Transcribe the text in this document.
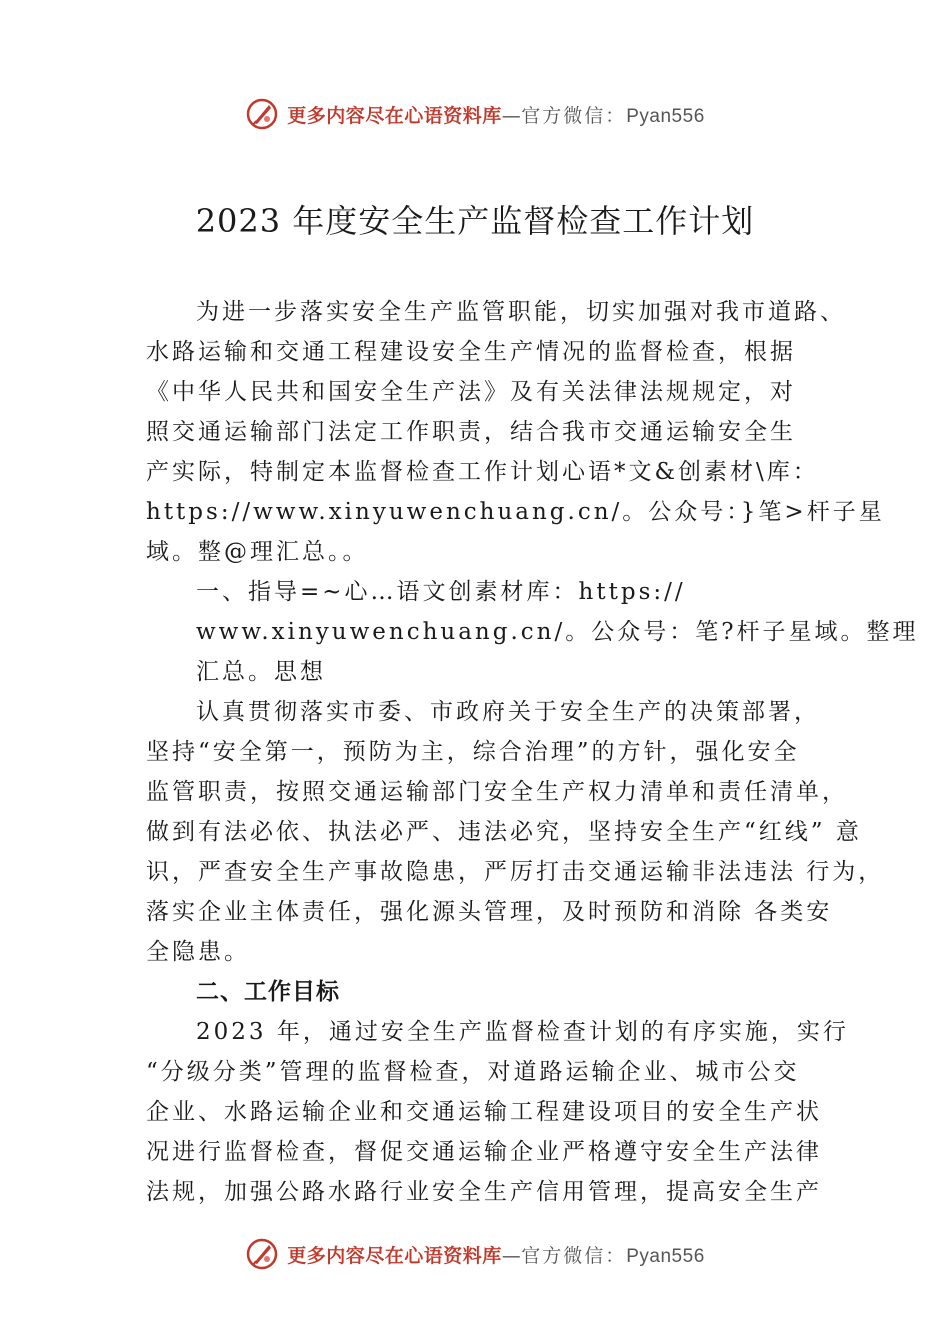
更多内容尽在心语资料库—官方微信：Pyan556
2023 年度安全生产监督检查工作计划
为进一步落实安全生产监管职能，切实加强对我市道路、
水路运输和交通工程建设安全生产情况的监督检查，根据
《中华人民共和国安全生产法》及有关法律法规规定，对
照交通运输部门法定工作职责，结合我市交通运输安全生
产实际，特制定本监督检查工作计划心语*文&创素材\库：
https://www.xinyuwenchuang.cn/。公众号：}笔>杆子星
域。整@理汇总。。
一、指导=~心…语文创素材库：https://
www.xinyuwenchuang.cn/。公众号：笔?杆子星域。整理
汇总。思想
认真贯彻落实市委、市政府关于安全生产的决策部署，
坚持“安全第一，预防为主，综合治理”的方针，强化安全
监管职责，按照交通运输部门安全生产权力清单和责任清单，
做到有法必依、执法必严、违法必究，坚持安全生产“红线” 意
识，严查安全生产事故隐患，严厉打击交通运输非法违法 行为，
落实企业主体责任，强化源头管理，及时预防和消除 各类安
全隐患。
二、工作目标
2023 年，通过安全生产监督检查计划的有序实施，实行
“分级分类”管理的监督检查，对道路运输企业、城市公交
企业、水路运输企业和交通运输工程建设项目的安全生产状
况进行监督检查，督促交通运输企业严格遵守安全生产法律
法规，加强公路水路行业安全生产信用管理，提高安全生产
更多内容尽在心语资料库—官方微信：Pyan556
